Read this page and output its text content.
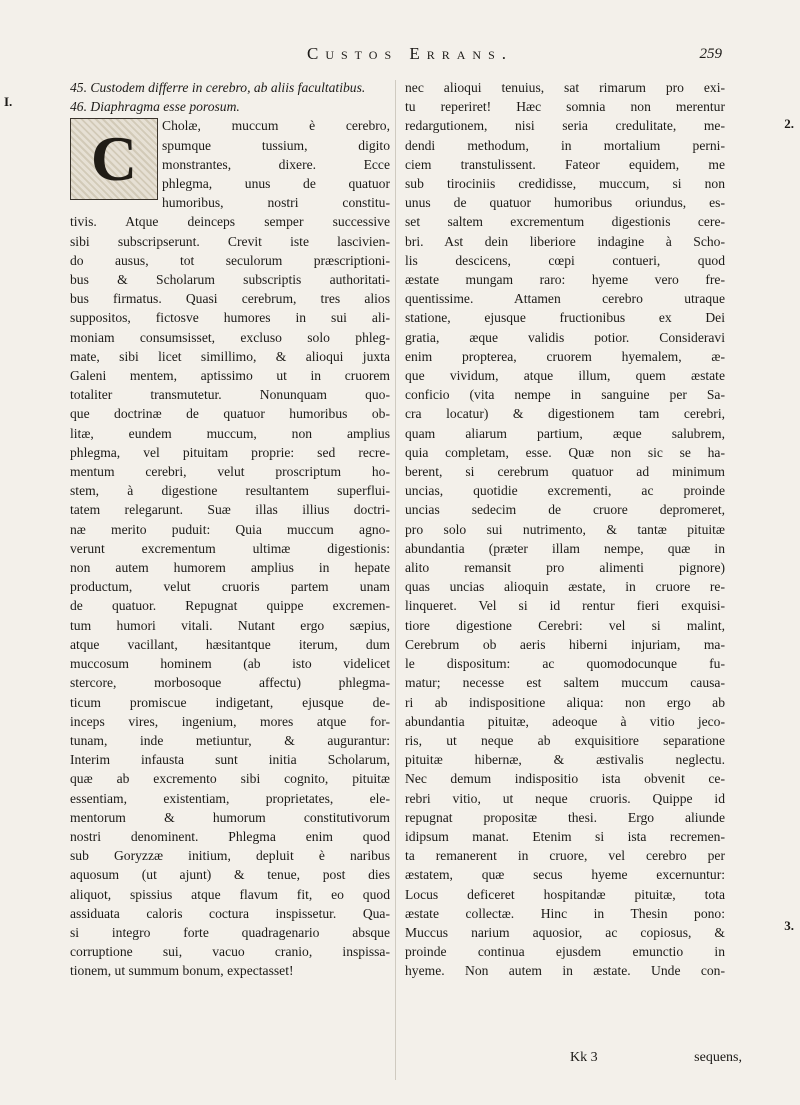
Custos Errans.	259
I.
2.
3.
45. Custodem differre in cerebro, ab aliis facultatibus.
46. Diaphragma esse porosum.
C	Cholæ, muccum è cerebro,
spumque tussium, digito
monstrantes, dixere. Ecce
phlegma, unus de quatuor
humoribus, nostri constitu-
tivis. Atque deinceps semper successive
sibi subscripserunt. Crevit iste lascivien-
do ausus, tot seculorum præscriptioni-
bus & Scholarum subscriptis authoritati-
bus firmatus. Quasi cerebrum, tres alios
suppositos, fictosve humores in sui ali-
moniam consumsisset, excluso solo phleg-
mate, sibi licet simillimo, & alioqui juxta
Galeni mentem, aptissimo ut in cruorem
totaliter transmutetur. Nonunquam quo-
que doctrinæ de quatuor humoribus ob-
litæ, eundem muccum, non amplius
phlegma, vel pituitam proprie: sed recre-
mentum cerebri, velut proscriptum ho-
stem, à digestione resultantem superflui-
tatem relegarunt. Suæ illas illius doctri-
næ merito puduit: Quia muccum agno-
verunt excrementum ultimæ digestionis:
non autem humorem amplius in hepate
productum, velut cruoris partem unam
de quatuor. Repugnat quippe excremen-
tum humori vitali. Nutant ergo sæpius,
atque vacillant, hæsitantque iterum, dum
muccosum hominem (ab isto videlicet
stercore, morbosoque affectu) phlegma-
ticum promiscue indigetant, ejusque de-
inceps vires, ingenium, mores atque for-
tunam, inde metiuntur, & augurantur:
Interim infausta sunt initia Scholarum,
quæ ab excremento sibi cognito, pituitæ
essentiam, existentiam, proprietates, ele-
mentorum & humorum constitutivorum
nostri denominent. Phlegma enim quod
sub Goryzzæ initium, depluit è naribus
aquosum (ut ajunt) & tenue, post dies
aliquot, spissius atque flavum fit, eo quod
assiduata caloris coctura inspissetur. Qua-
si integro forte quadragenario absque
corruptione sui, vacuo cranio, inspissa-
tionem, ut summum bonum, expectasset!
nec alioqui tenuius, sat rimarum pro exi-
tu reperiret! Hæc somnia non merentur
redargutionem, nisi seria credulitate, me-
dendi methodum, in mortalium perni-
ciem transtulissent. Fateor equidem, me
sub tirociniis credidisse, muccum, si non
unus de quatuor humoribus oriundus, es-
set saltem excrementum digestionis cere-
bri. Ast dein liberiore indagine à Scho-
lis descicens, cœpi contueri, quod
æstate mungam raro: hyeme vero fre-
quentissime. Attamen cerebro utraque
statione, ejusque fructionibus ex Dei
gratia, æque validis potior. Consideravi
enim propterea, cruorem hyemalem, æ-
que vividum, atque illum, quem æstate
conficio (vita nempe in sanguine per Sa-
cra locatur) & digestionem tam cerebri,
quam aliarum partium, æque salubrem,
quia completam, esse. Quæ non sic se ha-
berent, si cerebrum quatuor ad minimum
uncias, quotidie excrementi, ac proinde
uncias sedecim de cruore depromeret,
pro solo sui nutrimento, & tantæ pituitæ
abundantia (præter illam nempe, quæ in
alito remansit pro alimenti pignore)
quas uncias alioquin æstate, in cruore re-
linqueret. Vel si id rentur fieri exquisi-
tiore digestione Cerebri: vel si malint,
Cerebrum ob aeris hiberni injuriam, ma-
le dispositum: ac quomodocunque fu-
matur; necesse est saltem muccum causa-
ri ab indispositione aliqua: non ergo ab
abundantia pituitæ, adeoque à vitio jeco-
ris, ut neque ab exquisitiore separatione
pituitæ hibernæ, & æstivalis neglectu.
Nec demum indispositio ista obvenit ce-
rebri vitio, ut neque cruoris. Quippe id
repugnat propositæ thesi. Ergo aliunde
idipsum manat. Etenim si ista recremen-
ta remanerent in cruore, vel cerebro per
æstatem, quæ secus hyeme excernuntur:
Locus deficeret hospitandæ pituitæ, tota
æstate collectæ. Hinc in Thesin pono:
Muccus narium aquosior, ac copiosus, &
proinde continua ejusdem emunctio in
hyeme. Non autem in æstate. Unde con-
Kk 3	sequens,
